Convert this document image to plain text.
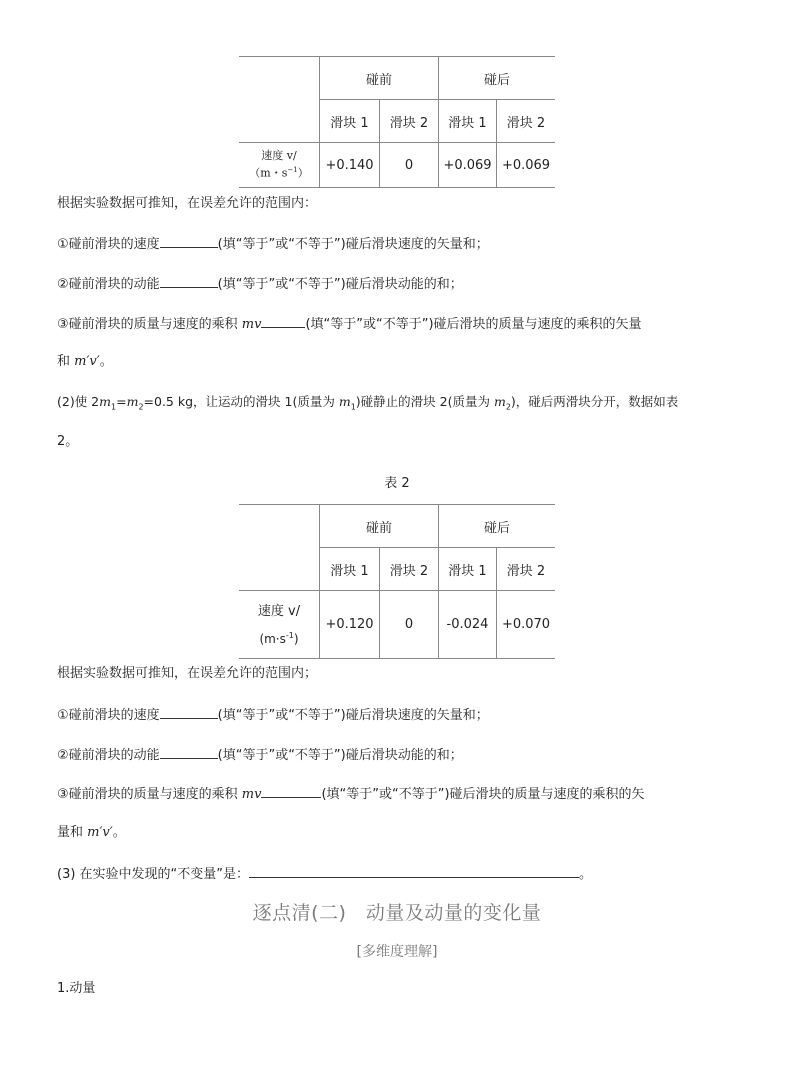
	碰前		碰后	
	滑块 1	滑块 2	滑块 1	滑块 2

速度 v/
（m・$s^{-1}$）	+0.140	0	+0.069	+0.069
根据实验数据可推知，在误差允许的范围内：
①碰前滑块的速度	(填“等于”或“不等于”)碰后滑块速度的矢量和；
②碰前滑块的动能	(填“等于”或“不等于”)碰后滑块动能的和；
③碰前滑块的质量与速度的乘积 mv	(填“等于”或“不等于”)碰后滑块的质量与速度的乘积的矢量
和 m′v′。
(2)使 $2m_1=m_2=0.5$ kg，让运动的滑块 1(质量为 $m_1$)碰静止的滑块 2(质量为 $m_2$)，碰后两滑块分开，数据如表
2。
表 2
	碰前		碰后	
	滑块 1	滑块 2	滑块 1	滑块 2

速度 v/
$(m\cdot s^{-1})$	+0.120	0	-0.024	+0.070
根据实验数据可推知，在误差允许的范围内；
①碰前滑块的速度	(填“等于”或“不等于”)碰后滑块速度的矢量和；
②碰前滑块的动能	(填“等于”或“不等于”)碰后滑块动能的和；
③碰前滑块的质量与速度的乘积 mv	(填“等于”或“不等于”)碰后滑块的质量与速度的乘积的矢
量和 m′v′。
(3) 在实验中发现的“不变量”是：	。
逐点清(二)　动量及动量的变化量
[多维度理解]
1.动量
